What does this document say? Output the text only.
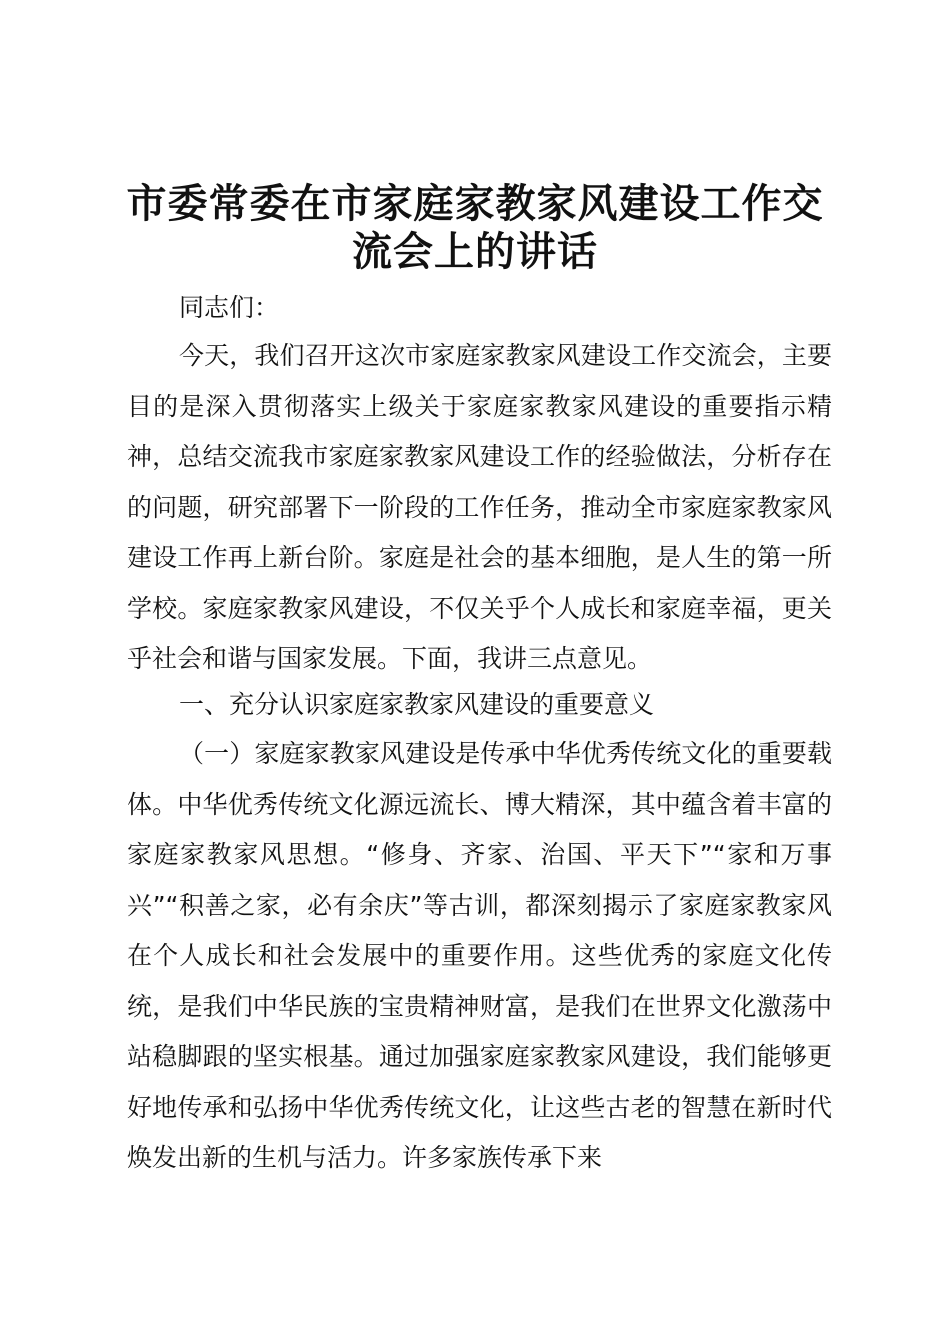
市委常委在市家庭家教家风建设工作交流会上的讲话

同志们：

今天，我们召开这次市家庭家教家风建设工作交流会，主要目的是深入贯彻落实上级关于家庭家教家风建设的重要指示精神，总结交流我市家庭家教家风建设工作的经验做法，分析存在的问题，研究部署下一阶段的工作任务，推动全市家庭家教家风建设工作再上新台阶。家庭是社会的基本细胞，是人生的第一所学校。家庭家教家风建设，不仅关乎个人成长和家庭幸福，更关乎社会和谐与国家发展。下面，我讲三点意见。

一、充分认识家庭家教家风建设的重要意义

（一）家庭家教家风建设是传承中华优秀传统文化的重要载体。中华优秀传统文化源远流长、博大精深，其中蕴含着丰富的家庭家教家风思想。“修身、齐家、治国、平天下”“家和万事兴”“积善之家，必有余庆”等古训，都深刻揭示了家庭家教家风在个人成长和社会发展中的重要作用。这些优秀的家庭文化传统，是我们中华民族的宝贵精神财富，是我们在世界文化激荡中站稳脚跟的坚实根基。通过加强家庭家教家风建设，我们能够更好地传承和弘扬中华优秀传统文化，让这些古老的智慧在新时代焕发出新的生机与活力。许多家族传承下来
